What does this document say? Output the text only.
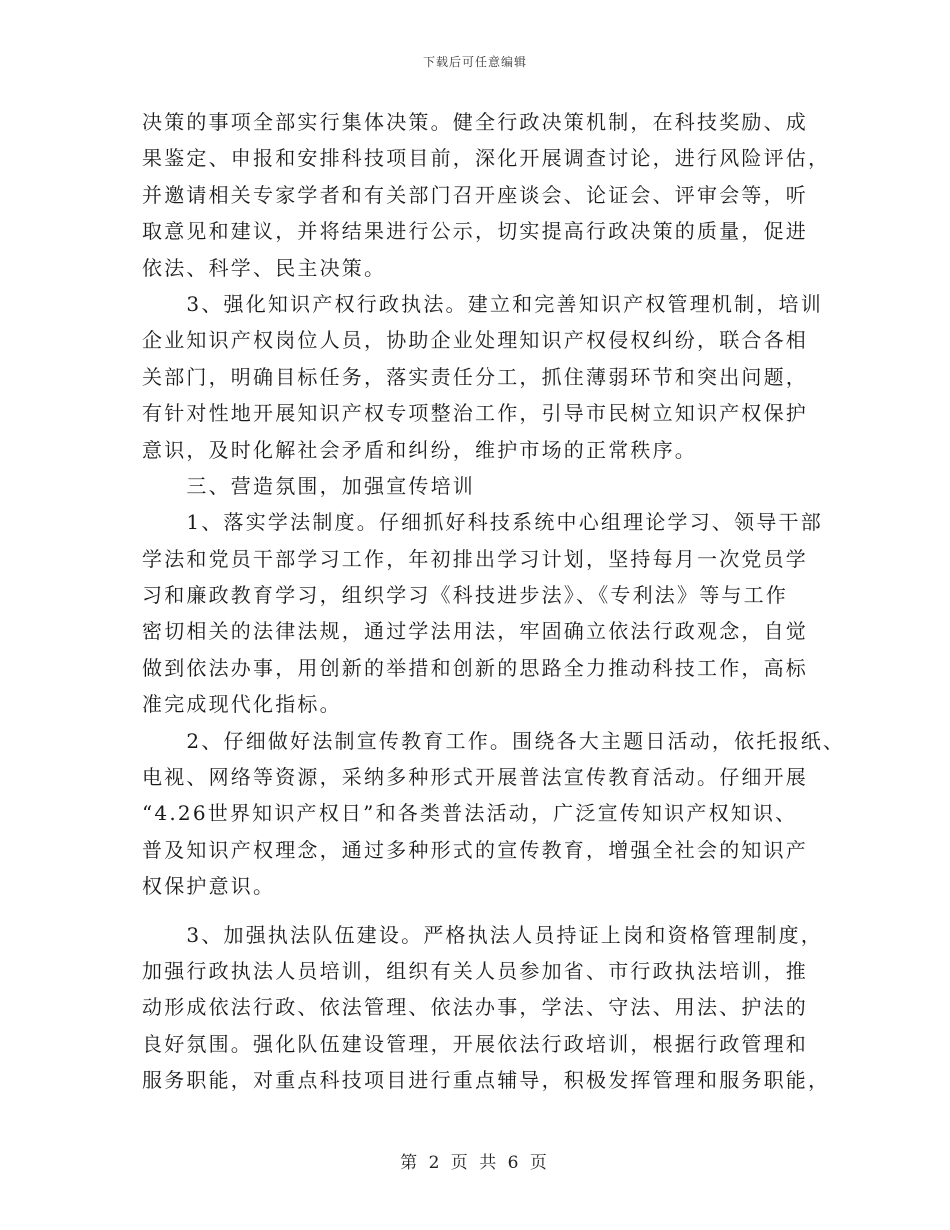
下载后可任意编辑
决策的事项全部实行集体决策。健全行政决策机制，在科技奖励、成
果鉴定、申报和安排科技项目前，深化开展调查讨论，进行风险评估，
并邀请相关专家学者和有关部门召开座谈会、论证会、评审会等，听
取意见和建议，并将结果进行公示，切实提高行政决策的质量，促进
依法、科学、民主决策。
　　3、强化知识产权行政执法。建立和完善知识产权管理机制，培训
企业知识产权岗位人员，协助企业处理知识产权侵权纠纷，联合各相
关部门，明确目标任务，落实责任分工，抓住薄弱环节和突出问题，
有针对性地开展知识产权专项整治工作，引导市民树立知识产权保护
意识，及时化解社会矛盾和纠纷，维护市场的正常秩序。
　　三、营造氛围，加强宣传培训
　　1、落实学法制度。仔细抓好科技系统中心组理论学习、领导干部
学法和党员干部学习工作，年初排出学习计划，坚持每月一次党员学
习和廉政教育学习，组织学习《科技进步法》、《专利法》等与工作
密切相关的法律法规，通过学法用法，牢固确立依法行政观念，自觉
做到依法办事，用创新的举措和创新的思路全力推动科技工作，高标
准完成现代化指标。
　　2、仔细做好法制宣传教育工作。围绕各大主题日活动，依托报纸、
电视、网络等资源，采纳多种形式开展普法宣传教育活动。仔细开展
“4.26世界知识产权日”和各类普法活动，广泛宣传知识产权知识、
普及知识产权理念，通过多种形式的宣传教育，增强全社会的知识产
权保护意识。
　　3、加强执法队伍建设。严格执法人员持证上岗和资格管理制度，
加强行政执法人员培训，组织有关人员参加省、市行政执法培训，推
动形成依法行政、依法管理、依法办事，学法、守法、用法、护法的
良好氛围。强化队伍建设管理，开展依法行政培训，根据行政管理和
服务职能，对重点科技项目进行重点辅导，积极发挥管理和服务职能，
第 2 页 共 6 页
